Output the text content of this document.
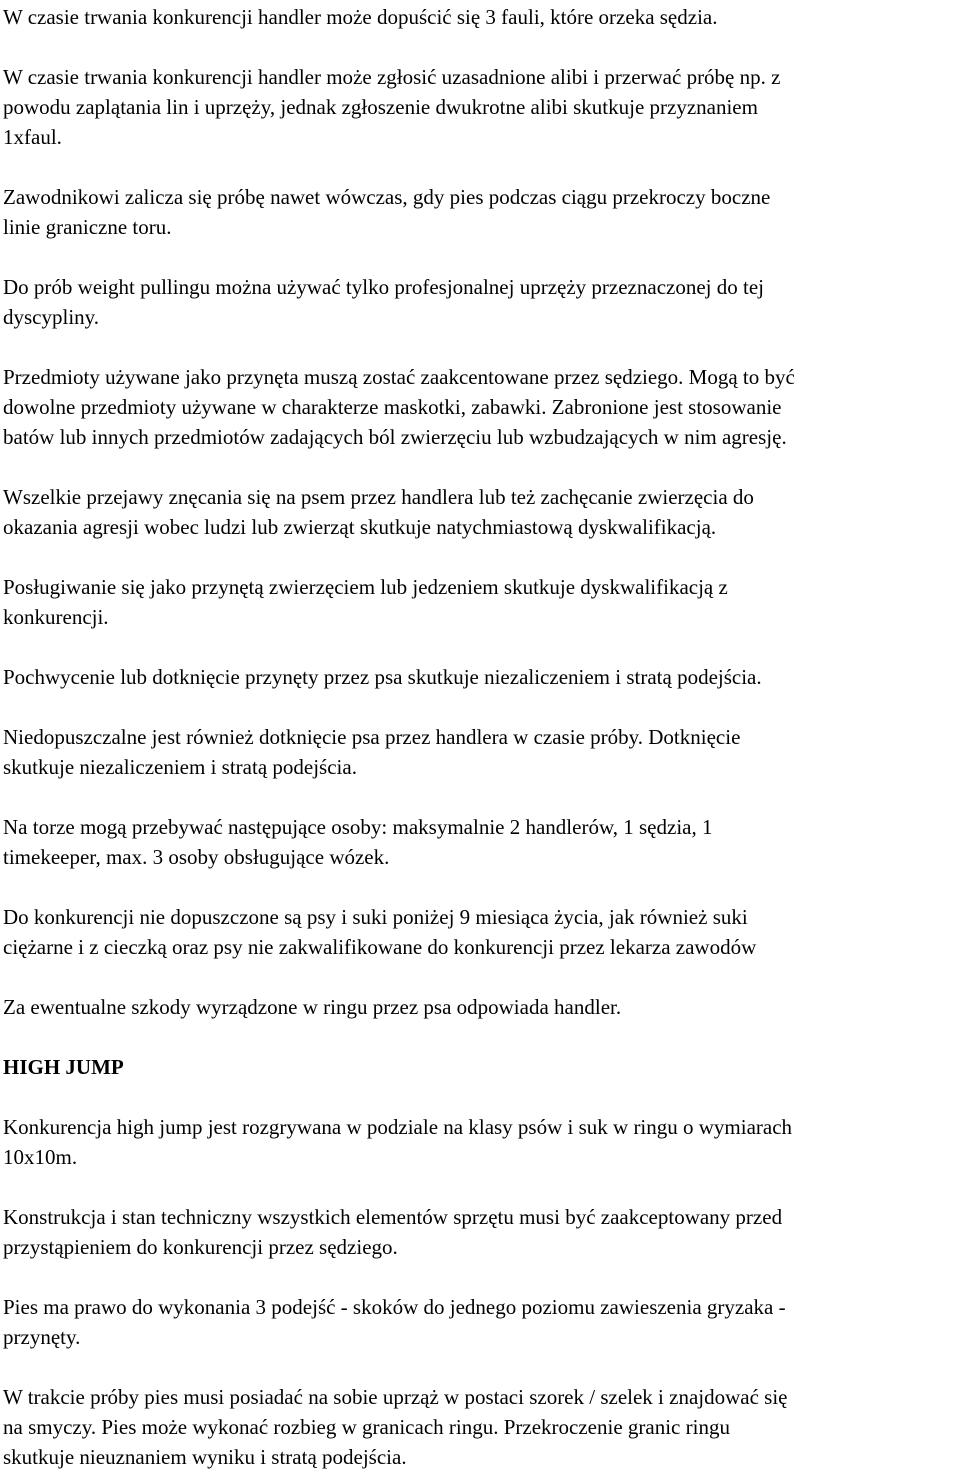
W czasie trwania konkurencji handler może dopuścić się 3 fauli, które orzeka sędzia.

W czasie trwania konkurencji handler może zgłosić uzasadnione alibi i przerwać próbę np. z
powodu zaplątania lin i uprzęży, jednak zgłoszenie dwukrotne alibi skutkuje przyznaniem
1xfaul.

Zawodnikowi zalicza się próbę nawet wówczas, gdy pies podczas ciągu przekroczy boczne
linie graniczne toru.

Do prób weight pullingu można używać tylko profesjonalnej uprzęży przeznaczonej do tej
dyscypliny.

Przedmioty używane jako przynęta muszą zostać zaakcentowane przez sędziego. Mogą to być
dowolne przedmioty używane w charakterze maskotki, zabawki. Zabronione jest stosowanie
batów lub innych przedmiotów zadających ból zwierzęciu lub wzbudzających w nim agresję.

Wszelkie przejawy znęcania się na psem przez handlera lub też zachęcanie zwierzęcia do
okazania agresji wobec ludzi lub zwierząt skutkuje natychmiastową dyskwalifikacją.

Posługiwanie się jako przynętą zwierzęciem lub jedzeniem skutkuje dyskwalifikacją z
konkurencji.

Pochwycenie lub dotknięcie przynęty przez psa skutkuje niezaliczeniem i stratą podejścia.

Niedopuszczalne jest również dotknięcie psa przez handlera w czasie próby. Dotknięcie
skutkuje niezaliczeniem i stratą podejścia.

Na torze mogą przebywać następujące osoby: maksymalnie 2 handlerów, 1 sędzia, 1
timekeeper, max. 3 osoby obsługujące wózek.

Do konkurencji nie dopuszczone są psy i suki poniżej 9 miesiąca życia, jak również suki
ciężarne i z cieczką oraz psy nie zakwalifikowane do konkurencji przez lekarza zawodów

Za ewentualne szkody wyrządzone w ringu przez psa odpowiada handler.

HIGH JUMP

Konkurencja high jump jest rozgrywana w podziale na klasy psów i suk w ringu o wymiarach
10x10m.

Konstrukcja i stan techniczny wszystkich elementów sprzętu musi być zaakceptowany przed
przystąpieniem do konkurencji przez sędziego.

Pies ma prawo do wykonania 3 podejść - skoków do jednego poziomu zawieszenia gryzaka -
przynęty.

W trakcie próby pies musi posiadać na sobie uprząż w postaci szorek / szelek i znajdować się
na smyczy. Pies może wykonać rozbieg w granicach ringu. Przekroczenie granic ringu
skutkuje nieuznaniem wyniku i stratą podejścia.
